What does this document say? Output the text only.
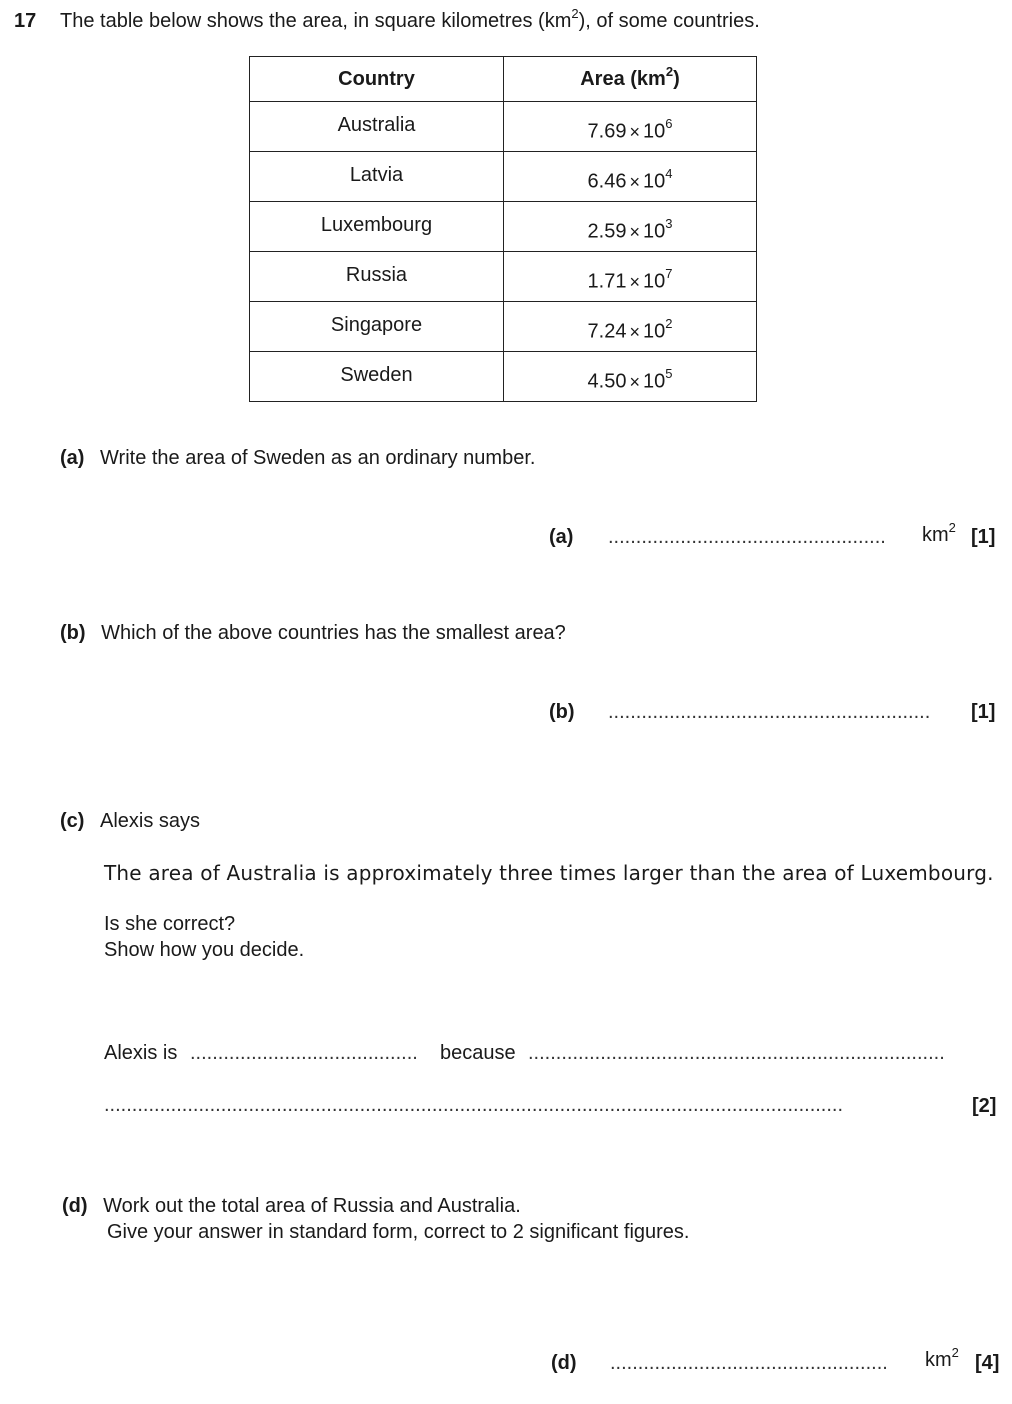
17 The table below shows the area, in square kilometres $(km^2)$, of some countries.
Country	Area $(km^2)$
Australia	$7.69 \times 10^6$
Latvia	$6.46 \times 10^4$
Luxembourg	$2.59 \times 10^3$
Russia	$1.71 \times 10^7$
Singapore	$7.24 \times 10^2$
Sweden	$4.50 \times 10^5$
(a) Write the area of Sweden as an ordinary number.
(a) .................................................. $km^2$ [1]
(b) Which of the above countries has the smallest area?
(b) .......................................................... [1]
(c) Alexis says
The area of Australia is approximately three times larger than the area of Luxembourg.
Is she correct?
Show how you decide.
Alexis is ......................................... because ...........................................................................
.....................................................................................................................................	[2]
(d) Work out the total area of Russia and Australia.
Give your answer in standard form, correct to 2 significant figures.
(d) .................................................. $km^2$ [4]
